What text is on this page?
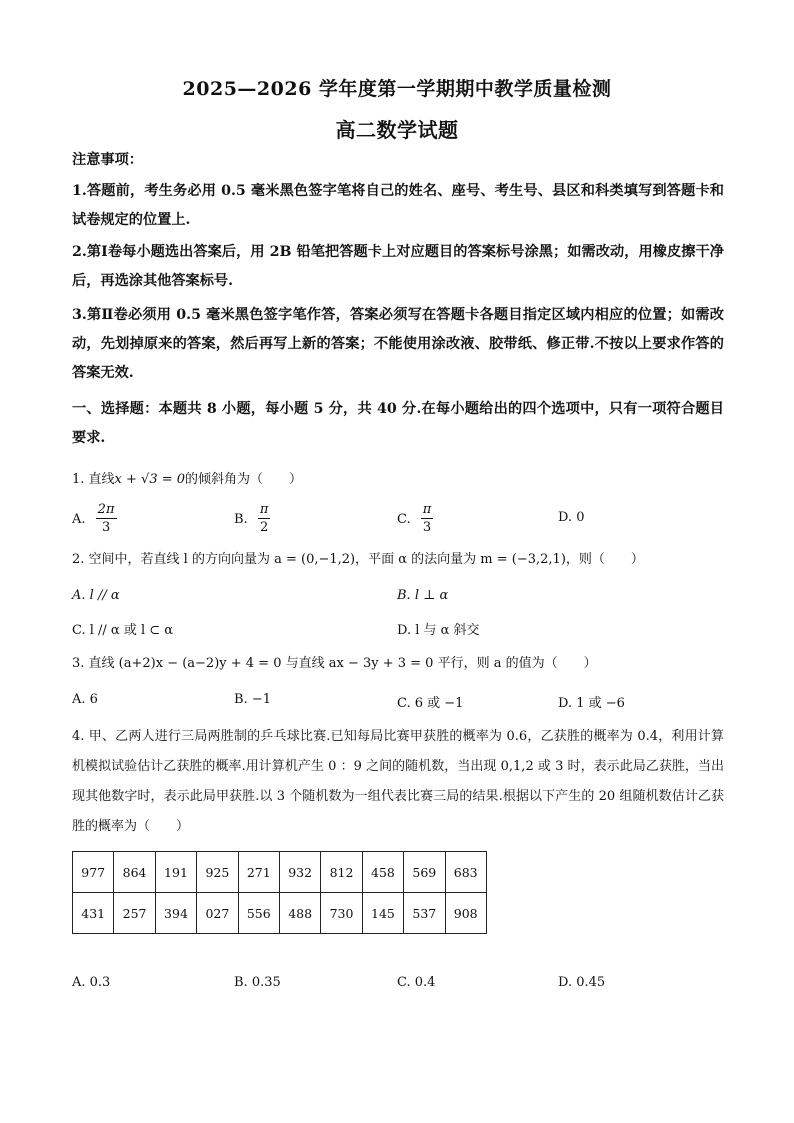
2025—2026 学年度第一学期期中教学质量检测
高二数学试题
注意事项：
1.答题前，考生务必用 0.5 毫米黑色签字笔将自己的姓名、座号、考生号、县区和科类填写到答题卡和试卷规定的位置上.
2.第Ⅰ卷每小题选出答案后，用 2B 铅笔把答题卡上对应题目的答案标号涂黑；如需改动，用橡皮擦干净后，再选涂其他答案标号.
3.第Ⅱ卷必须用 0.5 毫米黑色签字笔作答，答案必须写在答题卡各题目指定区域内相应的位置；如需改动，先划掉原来的答案，然后再写上新的答案；不能使用涂改液、胶带纸、修正带.不按以上要求作答的答案无效.
一、选择题：本题共 8 小题，每小题 5 分，共 40 分.在每小题给出的四个选项中，只有一项符合题目要求.
1. 直线x + √3 = 0的倾斜角为（　　）
A. $\frac{2\pi}{3}$	B. $\frac{\pi}{2}$	C. $\frac{\pi}{3}$	D. 0
2. 空间中，若直线 l 的方向向量为 a = (0,−1,2)，平面 α 的法向量为 m = (−3,2,1)，则（　　）
A. l // α	B. l ⊥ α
C. l // α 或 l ⊂ α	D. l 与 α 斜交
3. 直线 (a+2)x − (a−2)y + 4 = 0 与直线 ax − 3y + 3 = 0 平行，则 a 的值为（　　）
A. 6	B. −1	C. 6 或 −1	D. 1 或 −6
4. 甲、乙两人进行三局两胜制的乒乓球比赛.已知每局比赛甲获胜的概率为 0.6，乙获胜的概率为 0.4，利用计算机模拟试验估计乙获胜的概率.用计算机产生 0 ：9 之间的随机数，当出现 0,1,2 或 3 时，表示此局乙获胜，当出现其他数字时，表示此局甲获胜.以 3 个随机数为一组代表比赛三局的结果.根据以下产生的 20 组随机数估计乙获胜的概率为（　　）
977	864	191	925	271	932	812	458	569	683
431	257	394	027	556	488	730	145	537	908
A. 0.3	B. 0.35	C. 0.4	D. 0.45
